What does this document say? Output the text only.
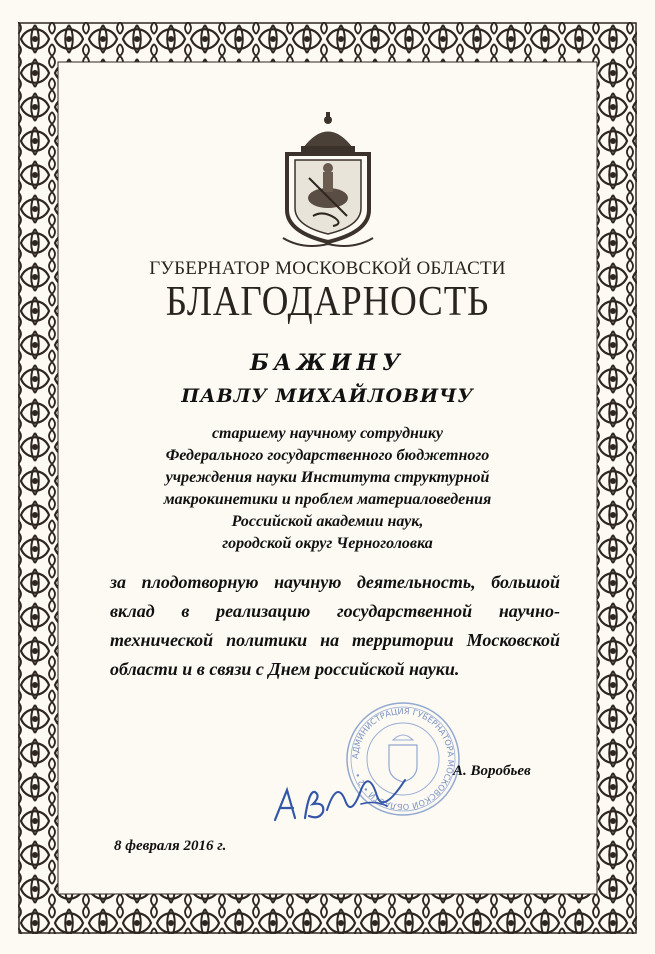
ГУБЕРНАТОР МОСКОВСКОЙ ОБЛАСТИ
БЛАГОДАРНОСТЬ
БАЖИНУ
ПАВЛУ МИХАЙЛОВИЧУ
старшему научному сотруднику
Федерального государственного бюджетного
учреждения науки Института структурной
макрокинетики и проблем материаловедения
Российской академии наук,
городской округ Черноголовка
за плодотворную научную деятельность, большой вклад в реализацию государственной научно-технической политики на территории Московской области и в связи с Днем российской науки.
АДМИНИСТРАЦИЯ ГУБЕРНАТОРА МОСКОВСКОЙ ОБЛАСТИ • 2 •	А. Воробьев
8 февраля 2016 г.
